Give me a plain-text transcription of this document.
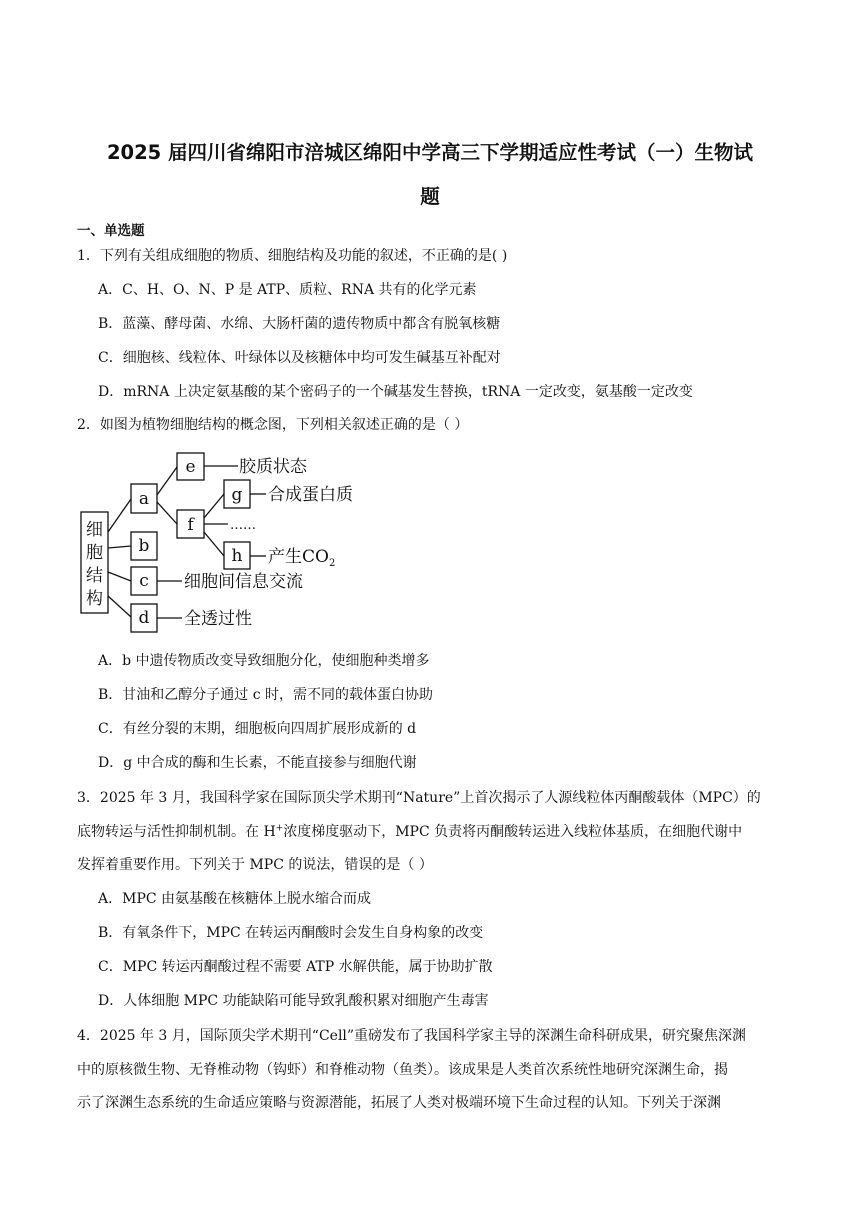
2025 届四川省绵阳市涪城区绵阳中学高三下学期适应性考试（一）生物试
题
一、单选题
1．下列有关组成细胞的物质、细胞结构及功能的叙述，不正确的是( )
A．C、H、O、N、P 是 ATP、质粒、RNA 共有的化学元素
B．蓝藻、酵母菌、水绵、大肠杆菌的遗传物质中都含有脱氧核糖
C．细胞核、线粒体、叶绿体以及核糖体中均可发生碱基互补配对
D．mRNA 上决定氨基酸的某个密码子的一个碱基发生替换，tRNA 一定改变，氨基酸一定改变
2．如图为植物细胞结构的概念图，下列相关叙述正确的是（ ）
细
胞
结
构
a
b
c
d
e
f
g
h
胶质状态
合成蛋白质
……
产生$CO_2$
细胞间信息交流
全透过性
A．b 中遗传物质改变导致细胞分化，使细胞种类增多
B．甘油和乙醇分子通过 c 时，需不同的载体蛋白协助
C．有丝分裂的末期，细胞板向四周扩展形成新的 d
D．g 中合成的酶和生长素，不能直接参与细胞代谢
3．2025 年 3 月，我国科学家在国际顶尖学术期刊“Nature”上首次揭示了人源线粒体丙酮酸载体（MPC）的
底物转运与活性抑制机制。在 H+浓度梯度驱动下，MPC 负责将丙酮酸转运进入线粒体基质，在细胞代谢中
发挥着重要作用。下列关于 MPC 的说法，错误的是（ ）
A．MPC 由氨基酸在核糖体上脱水缩合而成
B．有氧条件下，MPC 在转运丙酮酸时会发生自身构象的改变
C．MPC 转运丙酮酸过程不需要 ATP 水解供能，属于协助扩散
D．人体细胞 MPC 功能缺陷可能导致乳酸积累对细胞产生毒害
4．2025 年 3 月，国际顶尖学术期刊“Cell”重磅发布了我国科学家主导的深渊生命科研成果，研究聚焦深渊
中的原核微生物、无脊椎动物（钩虾）和脊椎动物（鱼类）。该成果是人类首次系统性地研究深渊生命，揭
示了深渊生态系统的生命适应策略与资源潜能，拓展了人类对极端环境下生命过程的认知。下列关于深渊
